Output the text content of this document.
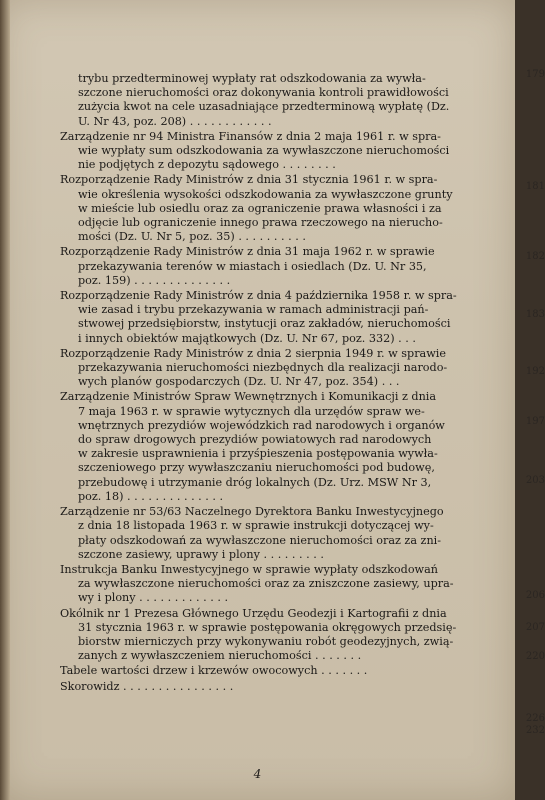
trybu przedterminowej wypłaty rat odszkodowania za wywła-
szczone nieruchomości oraz dokonywania kontroli prawidłowości
zużycia kwot na cele uzasadniające przedterminową wypłatę (Dz.
U. Nr 43, poz. 208) . . . . . . . . . . . .
179
Zarządzenie nr 94 Ministra Finansów z dnia 2 maja 1961 r. w spra-
wie wypłaty sum odszkodowania za wywłaszczone nieruchomości
nie podjętych z depozytu sądowego . . . . . . . .
181
Rozporządzenie Rady Ministrów z dnia 31 stycznia 1961 r. w spra-
wie określenia wysokości odszkodowania za wywłaszczone grunty
w mieście lub osiedlu oraz za ograniczenie prawa własności i za
odjęcie lub ograniczenie innego prawa rzeczowego na nierucho-
mości (Dz. U. Nr 5, poz. 35) . . . . . . . . . .
182
Rozporządzenie Rady Ministrów z dnia 31 maja 1962 r. w sprawie
przekazywania terenów w miastach i osiedlach (Dz. U. Nr 35,
poz. 159) . . . . . . . . . . . . . .
183
Rozporządzenie Rady Ministrów z dnia 4 października 1958 r. w spra-
wie zasad i trybu przekazywania w ramach administracji pań-
stwowej przedsiębiorstw, instytucji oraz zakładów, nieruchomości
i innych obiektów majątkowych (Dz. U. Nr 67, poz. 332) . . .
192
Rozporządzenie Rady Ministrów z dnia 2 sierpnia 1949 r. w sprawie
przekazywania nieruchomości niezbędnych dla realizacji narodo-
wych planów gospodarczych (Dz. U. Nr 47, poz. 354) . . .
197
Zarządzenie Ministrów Spraw Wewnętrznych i Komunikacji z dnia
7 maja 1963 r. w sprawie wytycznych dla urzędów spraw we-
wnętrznych prezydiów wojewódzkich rad narodowych i organów
do spraw drogowych prezydiów powiatowych rad narodowych
w zakresie usprawnienia i przyśpieszenia postępowania wywła-
szczeniowego przy wywłaszczaniu nieruchomości pod budowę,
przebudowę i utrzymanie dróg lokalnych (Dz. Urz. MSW Nr 3,
poz. 18) . . . . . . . . . . . . . .
203
Zarządzenie nr 53/63 Naczelnego Dyrektora Banku Inwestycyjnego
z dnia 18 listopada 1963 r. w sprawie instrukcji dotyczącej wy-
płaty odszkodowań za wywłaszczone nieruchomości oraz za zni-
szczone zasiewy, uprawy i plony . . . . . . . . .
206
Instrukcja Banku Inwestycyjnego w sprawie wypłaty odszkodowań
za wywłaszczone nieruchomości oraz za zniszczone zasiewy, upra-
wy i plony . . . . . . . . . . . . .
207
Okólnik nr 1 Prezesa Głównego Urzędu Geodezji i Kartografii z dnia
31 stycznia 1963 r. w sprawie postępowania okręgowych przedsię-
biorstw mierniczych przy wykonywaniu robót geodezyjnych, zwią-
zanych z wywłaszczeniem nieruchomości . . . . . . .	220
Tabele wartości drzew i krzewów owocowych . . . . . . .
226
Skorowidz . . . . . . . . . . . . . . . .
232
4
